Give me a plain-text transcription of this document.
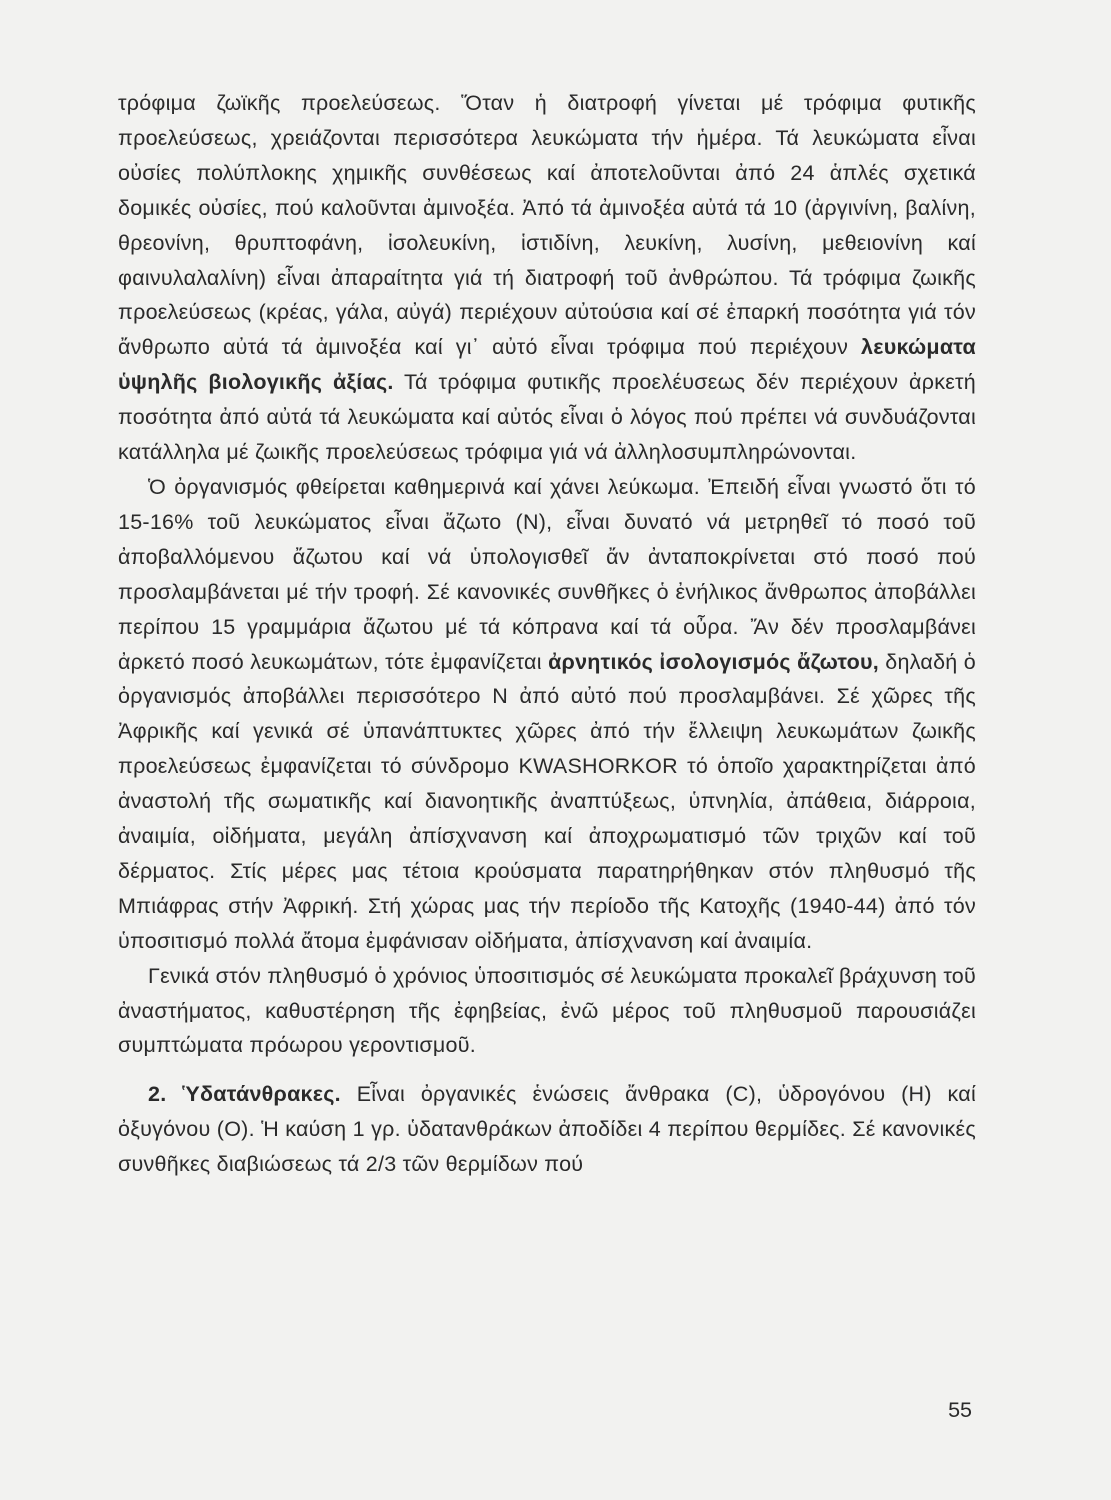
τρόφιμα ζωϊκῆς προελεύσεως. Ὅταν ἡ διατροφή γίνεται μέ τρόφιμα φυτικῆς προελεύσεως, χρειάζονται περισσότερα λευκώματα τήν ἡμέρα. Τά λευκώματα εἶναι οὐσίες πολύπλοκης χημικῆς συνθέσεως καί ἀποτελοῦνται ἀπό 24 ἁπλές σχετικά δομικές οὐσίες, πού καλοῦνται ἀμινοξέα. Ἀπό τά ἀμινοξέα αὐτά τά 10 (ἀργινίνη, βαλίνη, θρεονίνη, θρυπτοφάνη, ἰσολευκίνη, ἱστιδίνη, λευκίνη, λυσίνη, μεθειονίνη καί φαινυλαλαλίνη) εἶναι ἀπαραίτητα γιά τή διατροφή τοῦ ἀνθρώπου. Τά τρόφιμα ζωικῆς προελεύσεως (κρέας, γάλα, αὐγά) περιέχουν αὐτούσια καί σέ ἐπαρκή ποσότητα γιά τόν ἄνθρωπο αὐτά τά ἀμινοξέα καί γι᾽ αὐτό εἶναι τρόφιμα πού περιέχουν λευκώματα ὑψηλῆς βιολογικῆς ἀξίας. Τά τρόφιμα φυτικῆς προελέυσεως δέν περιέχουν ἀρκετή ποσότητα ἀπό αὐτά τά λευκώματα καί αὐτός εἶναι ὁ λόγος πού πρέπει νά συνδυάζονται κατάλληλα μέ ζωικῆς προελεύσεως τρόφιμα γιά νά ἀλληλοσυμπληρώνονται.

Ὁ ὀργανισμός φθείρεται καθημερινά καί χάνει λεύκωμα. Ἐπειδή εἶναι γνωστό ὅτι τό 15-16% τοῦ λευκώματος εἶναι ἄζωτο (Ν), εἶναι δυνατό νά μετρηθεῖ τό ποσό τοῦ ἀποβαλλόμενου ἄζωτου καί νά ὑπολογισθεῖ ἄν ἀνταποκρίνεται στό ποσό πού προσλαμβάνεται μέ τήν τροφή. Σέ κανονικές συνθῆκες ὁ ἐνήλικος ἄνθρωπος ἀποβάλλει περίπου 15 γραμμάρια ἄζωτου μέ τά κόπρανα καί τά οὖρα. Ἄν δέν προσλαμβάνει ἀρκετό ποσό λευκωμάτων, τότε ἐμφανίζεται ἀρνητικός ἰσολογισμός ἄζωτου, δηλαδή ὁ ὀργανισμός ἀποβάλλει περισσότερο Ν ἀπό αὐτό πού προσλαμβάνει. Σέ χῶρες τῆς Ἀφρικῆς καί γενικά σέ ὑπανάπτυκτες χῶρες ἀπό τήν ἔλλειψη λευκωμάτων ζωικῆς προελεύσεως ἐμφανίζεται τό σύνδρομο KWASHORKOR τό ὁποῖο χαρακτηρίζεται ἀπό ἀναστολή τῆς σωματικῆς καί διανοητικῆς ἀναπτύξεως, ὑπνηλία, ἀπάθεια, διάρροια, ἀναιμία, οἰδήματα, μεγάλη ἀπίσχνανση καί ἀποχρωματισμό τῶν τριχῶν καί τοῦ δέρματος. Στίς μέρες μας τέτοια κρούσματα παρατηρήθηκαν στόν πληθυσμό τῆς Μπιάφρας στήν Ἀφρική. Στή χώρας μας τήν περίοδο τῆς Κατοχῆς (1940-44) ἀπό τόν ὑποσιτισμό πολλά ἄτομα ἐμφάνισαν οἰδήματα, ἀπίσχνανση καί ἀναιμία.

Γενικά στόν πληθυσμό ὁ χρόνιος ὑποσιτισμός σέ λευκώματα προκαλεῖ βράχυνση τοῦ ἀναστήματος, καθυστέρηση τῆς ἐφηβείας, ἐνῶ μέρος τοῦ πληθυσμοῦ παρουσιάζει συμπτώματα πρόωρου γεροντισμοῦ.

2. Ὑδατάνθρακες. Εἶναι ὀργανικές ἑνώσεις ἄνθρακα (C), ὑδρογόνου (Η) καί ὀξυγόνου (Ο). Ἡ καύση 1 γρ. ὑδατανθράκων ἀποδίδει 4 περίπου θερμίδες. Σέ κανονικές συνθῆκες διαβιώσεως τά 2/3 τῶν θερμίδων πού

55
